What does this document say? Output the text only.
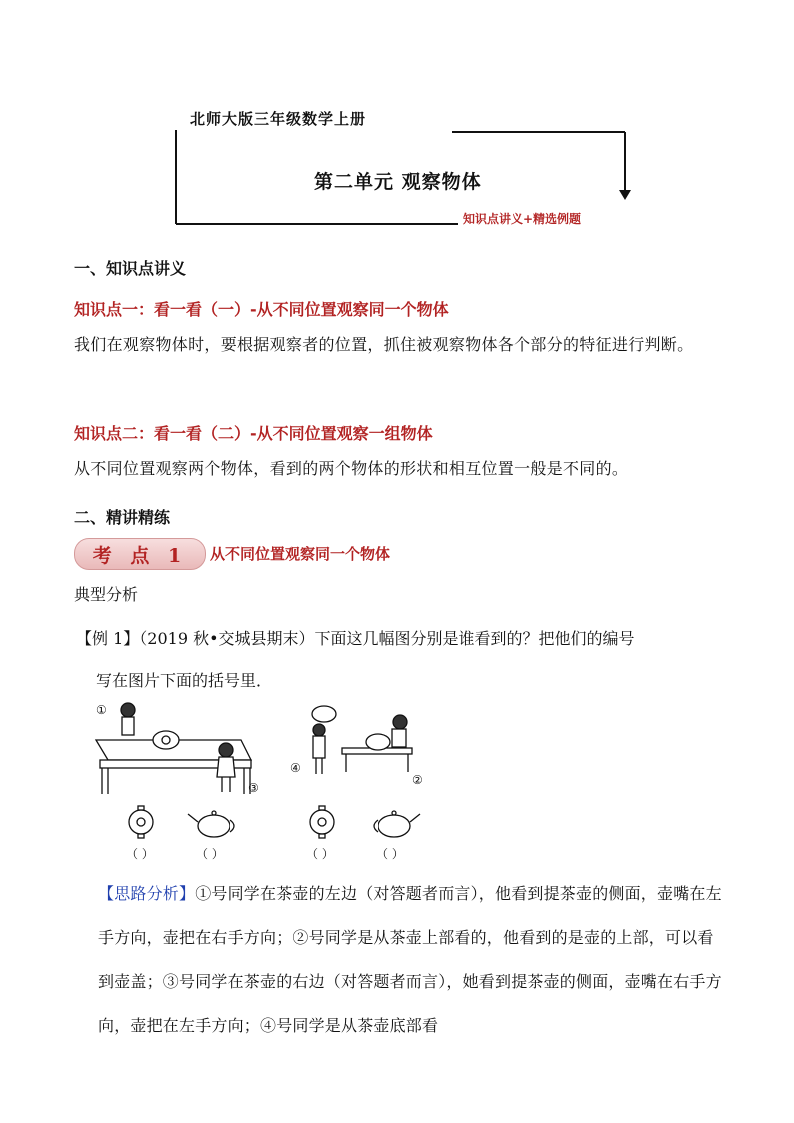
北师大版三年级数学上册
第二单元 观察物体
知识点讲义+精选例题
一、知识点讲义
知识点一：看一看（一）-从不同位置观察同一个物体
我们在观察物体时，要根据观察者的位置，抓住被观察物体各个部分的特征进行判断。
知识点二：看一看（二）-从不同位置观察一组物体
从不同位置观察两个物体，看到的两个物体的形状和相互位置一般是不同的。
二、精讲精练
考 点 1 从不同位置观察同一个物体
典型分析
【例 1】（2019 秋•交城县期末）下面这几幅图分别是谁看到的？把他们的编号
写在图片下面的括号里．
①
③
④
②
（ ）	（ ）	（ ）	（ ）
【思路分析】①号同学在茶壶的左边（对答题者而言），他看到提茶壶的侧面，壶嘴在左手方向，壶把在右手方向；②号同学是从茶壶上部看的，他看到的是壶的上部，可以看到壶盖；③号同学在茶壶的右边（对答题者而言），她看到提茶壶的侧面，壶嘴在右手方向，壶把在左手方向；④号同学是从茶壶底部看
